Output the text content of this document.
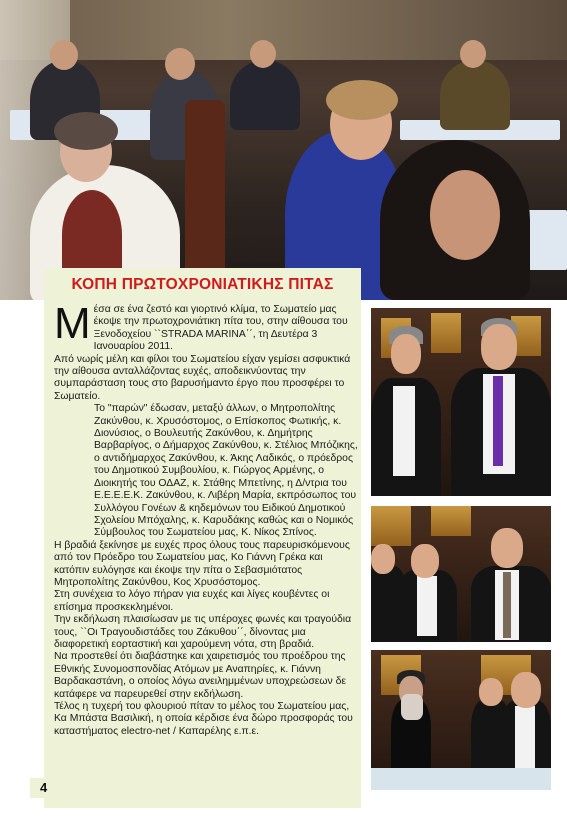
ΚΟΠΗ ΠΡΩΤΟΧΡΟΝΙΑΤΙΚΗΣ ΠΙΤΑΣ

Μέσα σε ένα ζεστό και γιορτινό κλίμα, το Σωματείο μας έκοψε την πρωτοχρονιάτικη πίτα του, στην αίθουσα του Ξενοδοχείου ``STRADA MARINA΄΄, τη Δευτέρα 3 Ιανουαρίου 2011.

Από νωρίς μέλη και φίλοι του Σωματείου είχαν γεμίσει ασφυκτικά την αίθουσα ανταλλάζοντας ευχές, αποδεικνύοντας την συμπαράσταση τους στο βαρυσήμαντο έργο που προσφέρει το Σωματείο.

Το "παρών" έδωσαν, μεταξύ άλλων, ο Μητροπολίτης Ζακύνθου, κ. Χρυσόστομος, ο Επίσκοπος Φωτικής, κ. Διονύσιος, ο Βουλευτής Ζακύνθου, κ. Δημήτρης Βαρβαρίγος, ο Δήμαρχος Ζακύνθου, κ. Στέλιος Μπόζικης, ο αντιδήμαρχος Ζακύνθου, κ. Άκης Λαδικός, ο πρόεδρος του Δημοτικού Συμβουλίου, κ. Γιώργος Αρμένης, ο Διοικητής του ΟΔΑΖ, κ. Στάθης Μπετίνης, η Δ/ντρια του Ε.Ε.Ε.Ε.Κ. Ζακύνθου, κ. Λιβέρη Μαρία, εκπρόσωπος του Συλλόγου Γονέων & κηδεμόνων του Ειδικού Δημοτικού Σχολείου Μπόχαλης, κ. Καρυδάκης καθώς και ο Νομικός Σύμβουλος του Σωματείου μας, Κ. Νίκος Σπίνος.

Η βραδιά ξεκίνησε με ευχές προς όλους τους παρευρισκόμενους από τον Πρόεδρο του Σωματείου μας, Κο Γιάννη Γρέκα και κατόπιν ευλόγησε και έκοψε την πίτα ο Σεβασμιότατος Μητροπολίτης Ζακύνθου, Κος Χρυσόστομος.

Στη συνέχεια το λόγο πήραν για ευχές και λίγες κουβέντες οι επίσημα προσκεκλημένοι.

Την εκδήλωση πλαισίωσαν με τις υπέροχες φωνές και τραγούδια τους, ``Οι Τραγουδιστάδες του Ζάκυθου΄΄, δίνοντας μια διαφορετική εορταστική και χαρούμενη νότα, στη βραδιά.

Να προστεθεί ότι διαβάστηκε και χαιρετισμός του προέδρου της Εθνικής Συνομοσπονδίας Ατόμων με Αναπηρίες, κ. Γιάννη Βαρδακαστάνη, ο οποίος λόγω ανειλημμένων υποχρεώσεων δε κατάφερε να παρευρεθεί στην εκδήλωση.

Τέλος η τυχερή του φλουριού πίταν το μέλος του Σωματείου μας, Κα Μπάστα Βασιλική, η οποία κέρδισε ένα δώρο προσφοράς του καταστήματος electro-net / Καπαρέλης ε.π.ε.

4
